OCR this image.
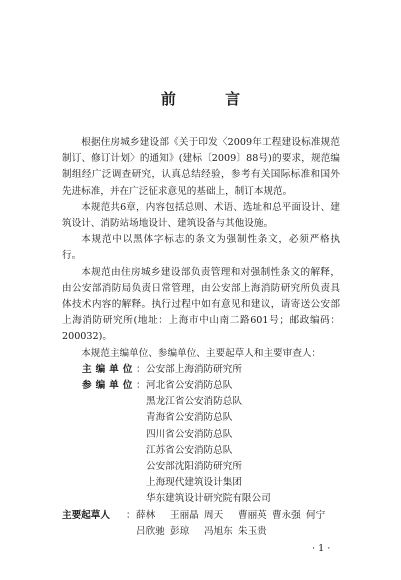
前 言

根据住房城乡建设部《关于印发〈2009年工程建设标准规范制订、修订计划〉的通知》(建标〔2009〕88号)的要求，规范编制组经广泛调查研究，认真总结经验，参考有关国际标准和国外先进标准，并在广泛征求意见的基础上，制订本规范。

本规范共6章，内容包括总则、术语、选址和总平面设计、建筑设计、消防站场地设计、建筑设备与其他设施。

本规范中以黑体字标志的条文为强制性条文，必须严格执行。

本规范由住房城乡建设部负责管理和对强制性条文的解释，由公安部消防局负责日常管理，由公安部上海消防研究所负责具体技术内容的解释。执行过程中如有意见和建议，请寄送公安部上海消防研究所(地址：上海市中山南二路601号；邮政编码：200032)。

本规范主编单位、参编单位、主要起草人和主要审查人：

主编单位 ： 公安部上海消防研究所
参编单位 ： 河北省公安消防总队
黑龙江省公安消防总队
青海省公安消防总队
四川省公安消防总队
江苏省公安消防总队
公安部沈阳消防研究所
上海现代建筑设计集团
华东建筑设计研究院有限公司
主要起草人	： 薛林	王丽晶 周天	曹丽英 曹永强 何宁
吕欣驰 彭琼	冯旭东 朱玉贵
· 1 ·
